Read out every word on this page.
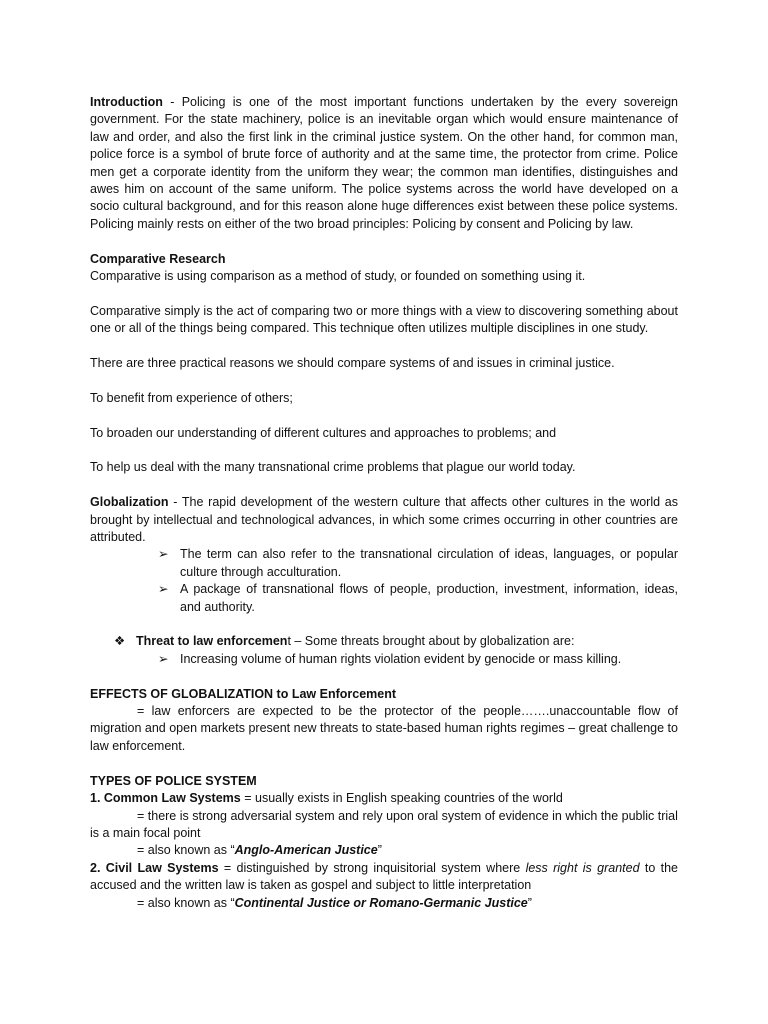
Introduction - Policing is one of the most important functions undertaken by the every sovereign government. For the state machinery, police is an inevitable organ which would ensure maintenance of law and order, and also the first link in the criminal justice system. On the other hand, for common man, police force is a symbol of brute force of authority and at the same time, the protector from crime. Police men get a corporate identity from the uniform they wear; the common man identifies, distinguishes and awes him on account of the same uniform. The police systems across the world have developed on a socio cultural background, and for this reason alone huge differences exist between these police systems. Policing mainly rests on either of the two broad principles: Policing by consent and Policing by law.

Comparative Research

Comparative is using comparison as a method of study, or founded on something using it.

Comparative simply is the act of comparing two or more things with a view to discovering something about one or all of the things being compared. This technique often utilizes multiple disciplines in one study.

There are three practical reasons we should compare systems of and issues in criminal justice.

To benefit from experience of others;

To broaden our understanding of different cultures and approaches to problems; and

To help us deal with the many transnational crime problems that plague our world today.

Globalization - The rapid development of the western culture that affects other cultures in the world as brought by intellectual and technological advances, in which some crimes occurring in other countries are attributed.

➢ The term can also refer to the transnational circulation of ideas, languages, or popular culture through acculturation.
➢ A package of transnational flows of people, production, investment, information, ideas, and authority.
❖ Threat to law enforcement – Some threats brought about by globalization are:
➢ Increasing volume of human rights violation evident by genocide or mass killing.

EFFECTS OF GLOBALIZATION to Law Enforcement

= law enforcers are expected to be the protector of the people…….unaccountable flow of migration and open markets present new threats to state-based human rights regimes – great challenge to law enforcement.

TYPES OF POLICE SYSTEM

1. Common Law Systems = usually exists in English speaking countries of the world

= there is strong adversarial system and rely upon oral system of evidence in which the public trial

is a main focal point

= also known as “Anglo-American Justice”

2. Civil Law Systems = distinguished by strong inquisitorial system where less right is granted to the accused and the written law is taken as gospel and subject to little interpretation

= also known as “Continental Justice or Romano-Germanic Justice”
